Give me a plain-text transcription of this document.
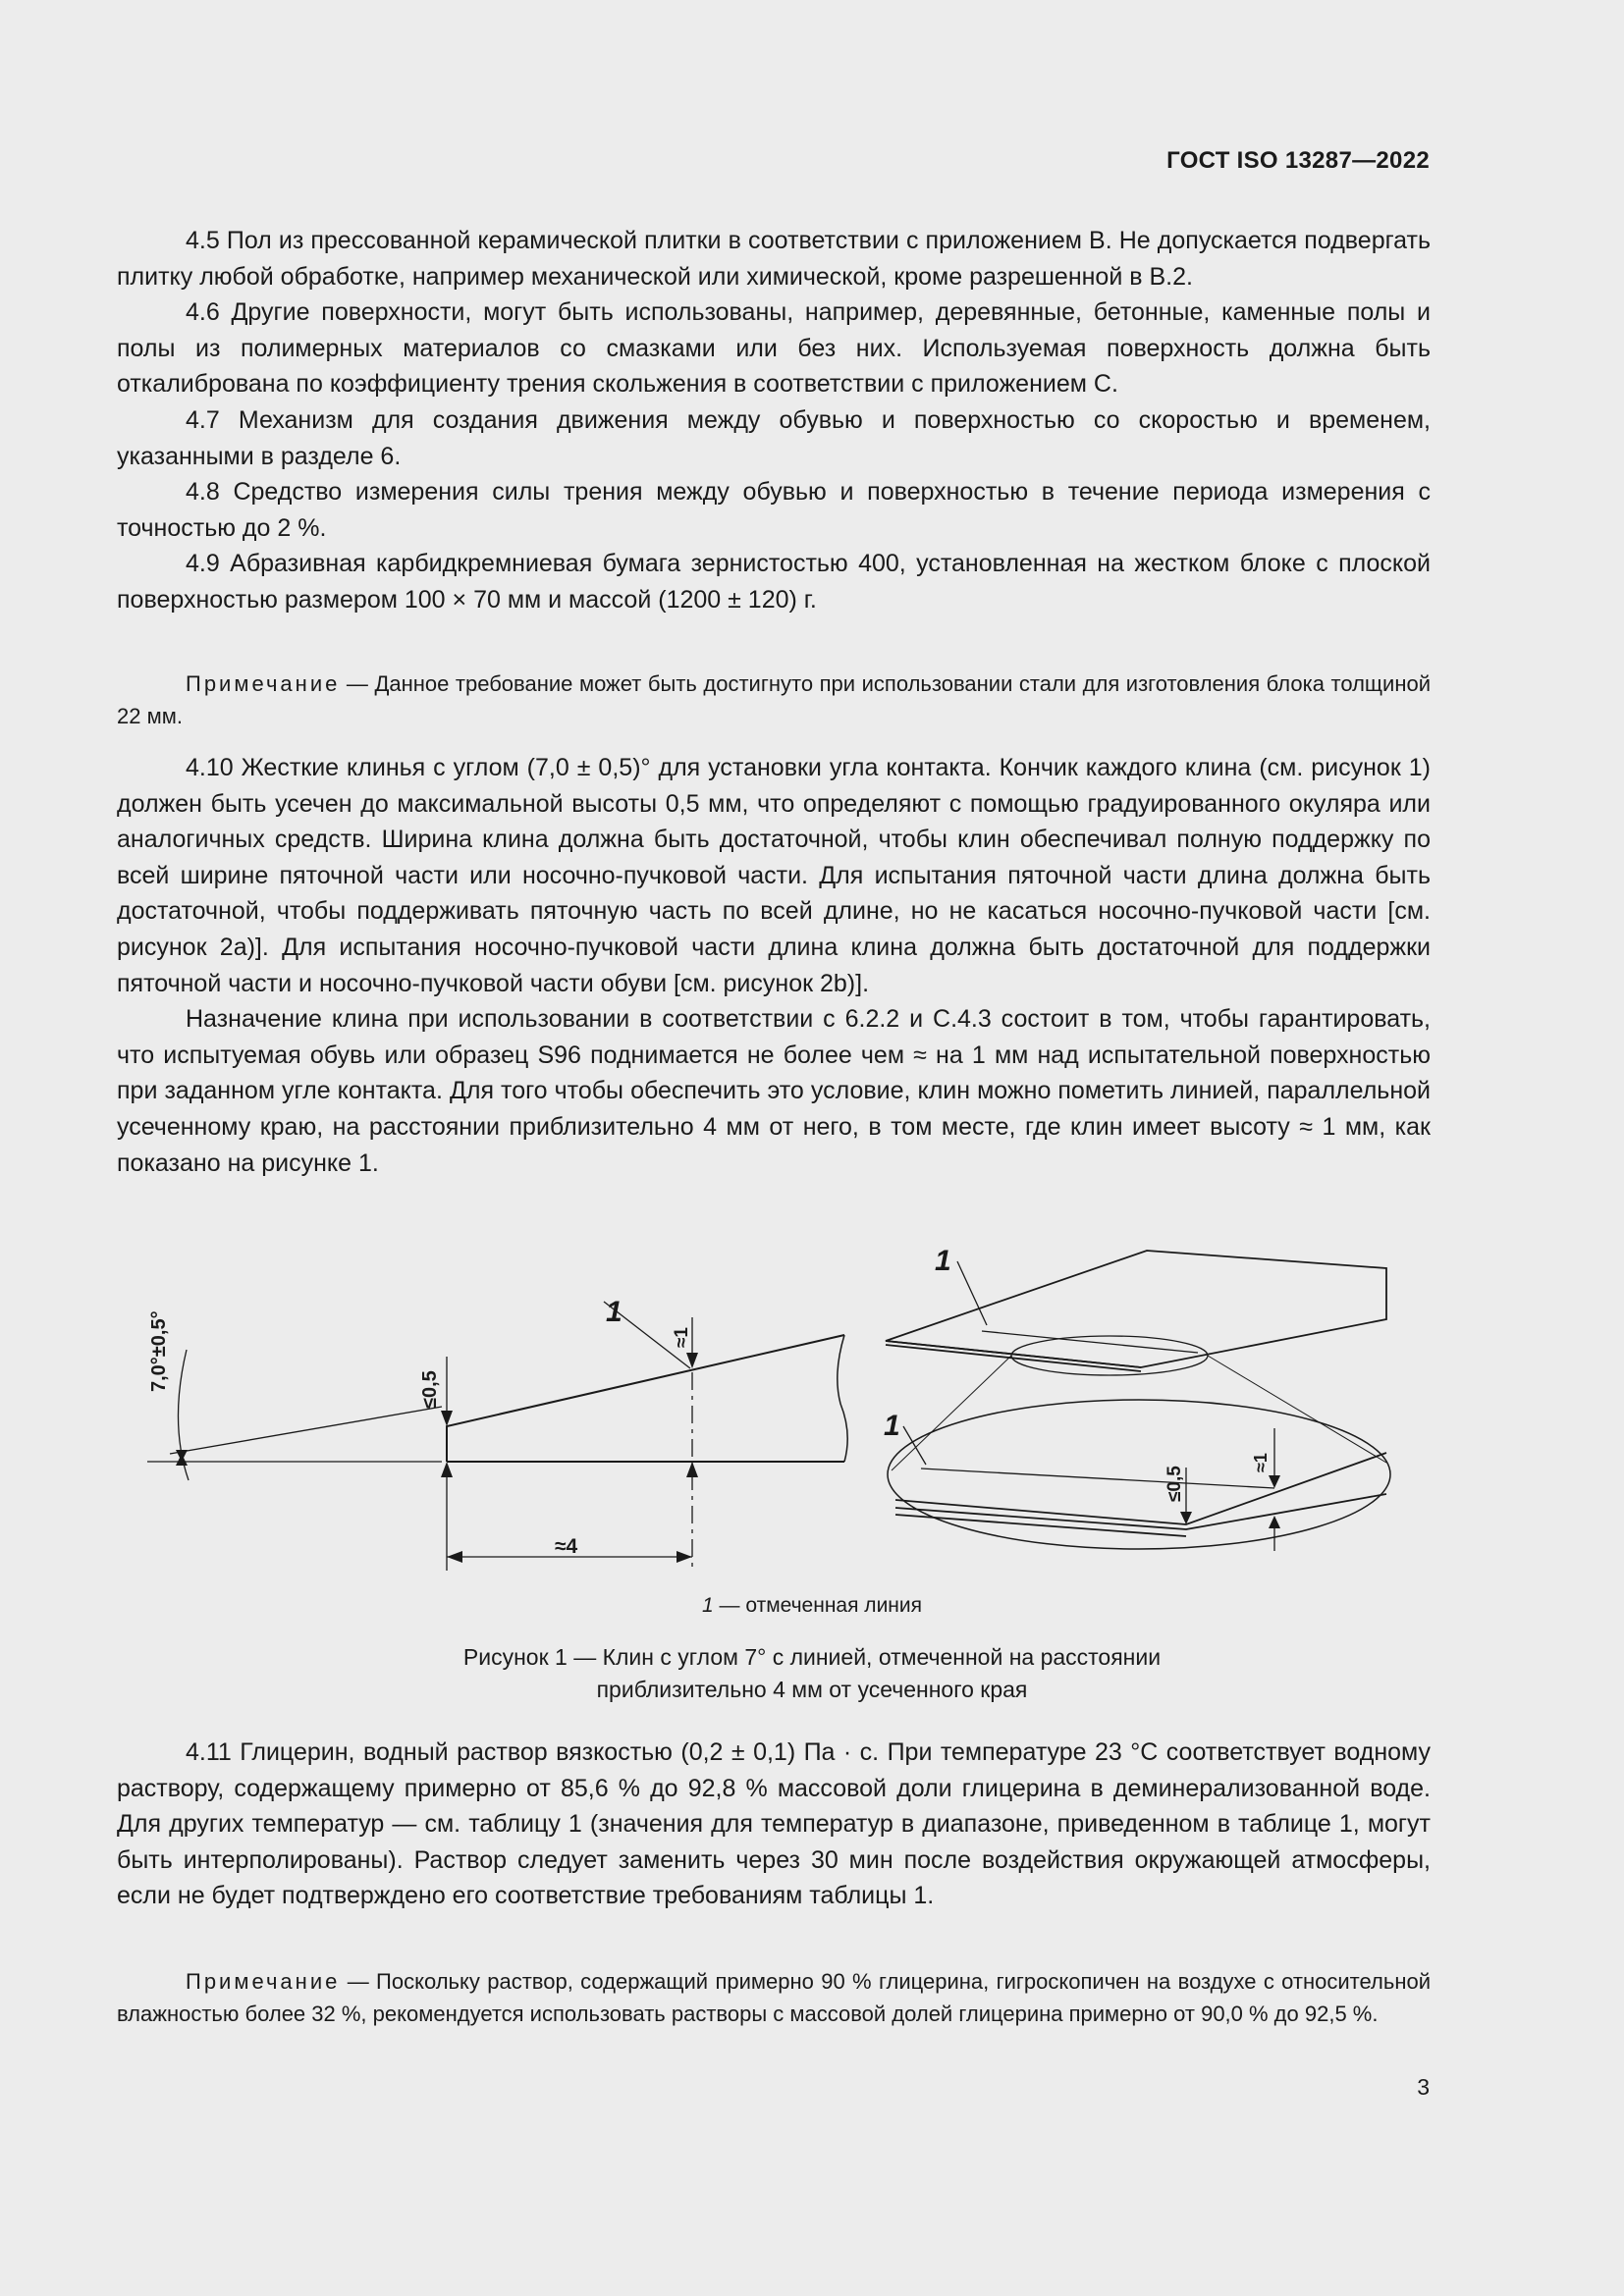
ГОСТ ISO 13287—2022

4.5 Пол из прессованной керамической плитки в соответствии с приложением В. Не допускается подвергать плитку любой обработке, например механической или химической, кроме разрешенной в В.2.

4.6 Другие поверхности, могут быть использованы, например, деревянные, бетонные, каменные полы и полы из полимерных материалов со смазками или без них. Используемая поверхность должна быть откалибрована по коэффициенту трения скольжения в соответствии с приложением С.

4.7 Механизм для создания движения между обувью и поверхностью со скоростью и временем, указанными в разделе 6.

4.8 Средство измерения силы трения между обувью и поверхностью в течение периода измерения с точностью до 2 %.

4.9 Абразивная карбидкремниевая бумага зернистостью 400, установленная на жестком блоке с плоской поверхностью размером 100 × 70 мм и массой (1200 ± 120) г.

Примечание — Данное требование может быть достигнуто при использовании стали для изготовления блока толщиной 22 мм.

4.10 Жесткие клинья с углом (7,0 ± 0,5)° для установки угла контакта. Кончик каждого клина (см. рисунок 1) должен быть усечен до максимальной высоты 0,5 мм, что определяют с помощью градуированного окуляра или аналогичных средств. Ширина клина должна быть достаточной, чтобы клин обеспечивал полную поддержку по всей ширине пяточной части или носочно-пучковой части. Для испытания пяточной части длина должна быть достаточной, чтобы поддерживать пяточную часть по всей длине, но не касаться носочно-пучковой части [см. рисунок 2a)]. Для испытания носочно-пучковой части длина клина должна быть достаточной для поддержки пяточной части и носочно-пучковой части обуви [см. рисунок 2b)].

Назначение клина при использовании в соответствии с 6.2.2 и С.4.3 состоит в том, чтобы гарантировать, что испытуемая обувь или образец S96 поднимается не более чем ≈ на 1 мм над испытательной поверхностью при заданном угле контакта. Для того чтобы обеспечить это условие, клин можно пометить линией, параллельной усеченному краю, на расстоянии приблизительно 4 мм от него, в том месте, где клин имеет высоту ≈ 1 мм, как показано на рисунке 1.

7,0°±0,5°	≤0,5
≈1
≈4
1
1
1
≤0,5
≈1
1 — отмеченная линия
Рисунок 1 — Клин с углом 7° с линией, отмеченной на расстоянии
приблизительно 4 мм от усеченного края

4.11 Глицерин, водный раствор вязкостью (0,2 ± 0,1) Па · с. При температуре 23 °С соответствует водному раствору, содержащему примерно от 85,6 % до 92,8 % массовой доли глицерина в деминерализованной воде. Для других температур — см. таблицу 1 (значения для температур в диапазоне, приведенном в таблице 1, могут быть интерполированы). Раствор следует заменить через 30 мин после воздействия окружающей атмосферы, если не будет подтверждено его соответствие требованиям таблицы 1.

Примечание — Поскольку раствор, содержащий примерно 90 % глицерина, гигроскопичен на воздухе с относительной влажностью более 32 %, рекомендуется использовать растворы с массовой долей глицерина примерно от 90,0 % до 92,5 %.

3
